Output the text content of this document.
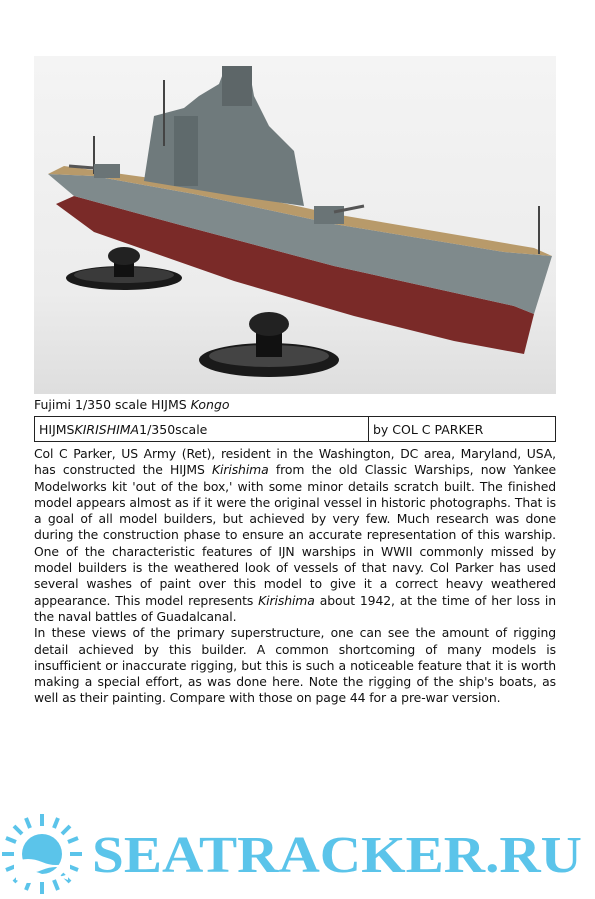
Fujimi 1/350 scale HIJMS Kongo
HIJMS KIRISHIMA 1/350scale	by COL C PARKER

Col C Parker, US Army (Ret), resident in the Washington, DC area, Maryland, USA, has constructed the HIJMS Kirishima from the old Classic Warships, now Yankee Modelworks kit 'out of the box,' with some minor details scratch built. The finished model appears almost as if it were the original vessel in historic photographs. That is a goal of all model builders, but achieved by very few. Much research was done during the construction phase to ensure an accurate representation of this warship. One of the characteristic features of IJN warships in WWII commonly missed by model builders is the weathered look of vessels of that navy. Col Parker has used several washes of paint over this model to give it a correct heavy weathered appearance. This model represents Kirishima about 1942, at the time of her loss in the naval battles of Guadalcanal.

In these views of the primary superstructure, one can see the amount of rigging detail achieved by this builder. A common shortcoming of many models is insufficient or inaccurate rigging, but this is such a noticeable feature that it is worth making a special effort, as was done here. Note the rigging of the ship's boats, as well as their painting. Compare with those on page 44 for a pre-war version.

SEATRACKER.RU
